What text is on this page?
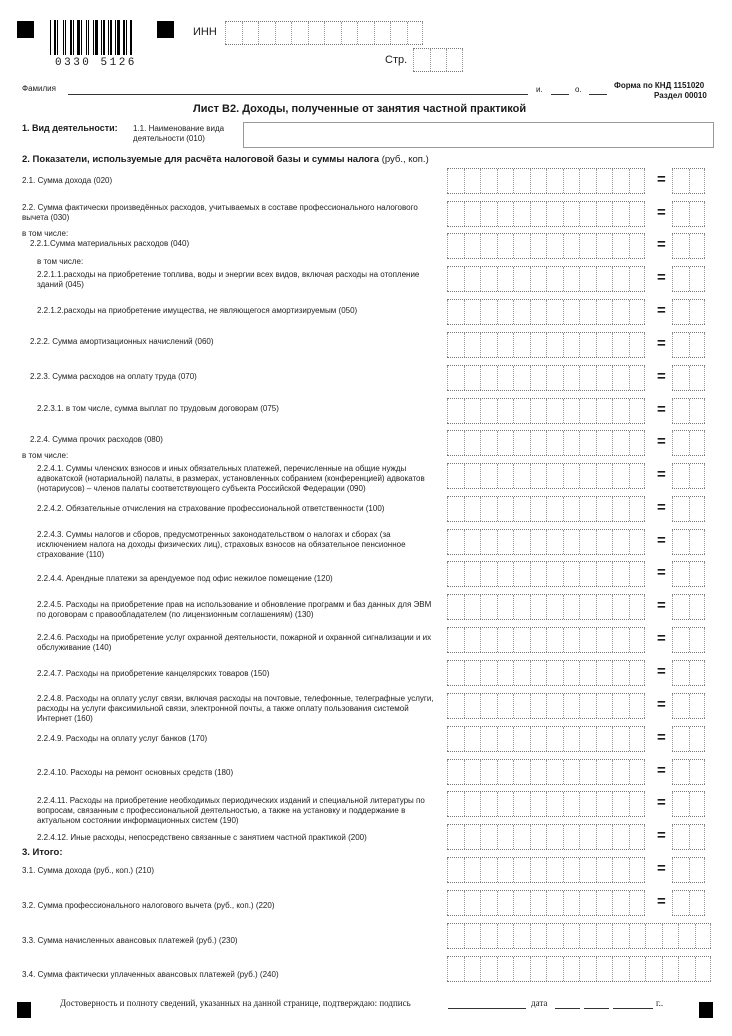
0330 5126
ИНН
Стр.
Фамилия	и.	о.	Форма по КНД 1151020
Раздел 00010
Лист В2. Доходы, полученные от занятия частной практикой
1. Вид деятельности: 1.1. Наименование вида деятельности (010)
2. Показатели, используемые для расчёта налоговой базы и суммы налога (руб., коп.)
в том числе:
в том числе:
в том числе:
3. Итого:
2.1. Сумма дохода (020)	=
2.2. Сумма фактически произведённых расходов, учитываемых в составе профессионального налогового вычета (030)	=
2.2.1.Сумма материальных расходов (040)	=
2.2.1.1.расходы на приобретение топлива, воды и энергии всех видов, включая расходы на отопление зданий (045)	=
2.2.1.2.расходы на приобретение имущества, не являющегося амортизируемым (050)	=
2.2.2. Сумма амортизационных начислений (060)	=
2.2.3. Сумма расходов на оплату труда (070)	=
2.2.3.1. в том числе, сумма выплат по трудовым договорам (075)	=
2.2.4. Сумма прочих расходов (080)	=
2.2.4.1. Суммы членских взносов и иных обязательных платежей, перечисленные на общие нужды адвокатской (нотариальной) палаты, в размерах, установленных собранием (конференцией) адвокатов (нотариусов) – членов палаты соответствующего субъекта Российской Федерации (090)
=
2.2.4.2. Обязательные отчисления на страхование профессиональной ответственности (100)	=
2.2.4.3. Суммы налогов и сборов, предусмотренных законодательством о налогах и сборах (за исключением налога на доходы физических лиц), страховых взносов на обязательное пенсионное страхование (110)
=
2.2.4.4. Арендные платежи за арендуемое под офис нежилое помещение (120)	=
2.2.4.5. Расходы на приобретение прав на использование и обновление программ и баз данных для ЭВМ по договорам с правообладателем (по лицензионным соглашениям) (130)
=
2.2.4.6. Расходы на приобретение услуг охранной деятельности, пожарной и охранной сигнализации и их обслуживание (140)
=
2.2.4.7. Расходы на приобретение канцелярских товаров (150)	=
2.2.4.8. Расходы на оплату услуг связи, включая расходы на почтовые, телефонные, телеграфные услуги, расходы на услуги факсимильной связи, электронной почты, а также оплату пользования системой Интернет (160)
=
2.2.4.9. Расходы на оплату услуг банков (170)	=
2.2.4.10. Расходы на ремонт основных средств (180)	=
2.2.4.11. Расходы на приобретение необходимых периодических изданий и специальной литературы по вопросам, связанным с профессиональной деятельностью, а также на установку и поддержание в актуальном состоянии информационных систем (190)
=
2.2.4.12. Иные расходы, непосредствено связанные с занятием частной практикой (200)	=
3.1. Сумма дохода (руб., коп.) (210)	=
3.2. Сумма профессионального налогового вычета (руб., коп.) (220)	=
3.3. Сумма начисленных авансовых платежей (руб.) (230)
3.4. Сумма фактически уплаченных авансовых платежей (руб.) (240)
Достоверность и полноту сведений, указанных на данной странице, подтверждаю: подпись	дата	г..
